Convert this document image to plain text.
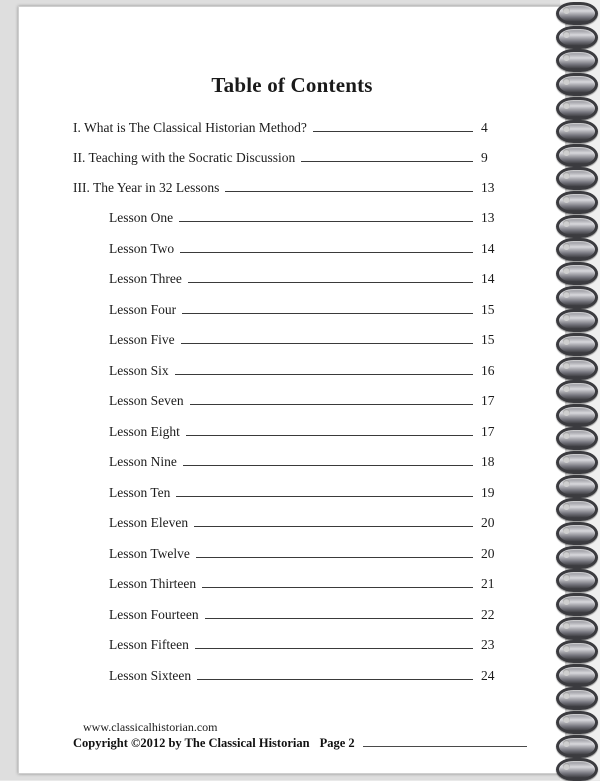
Table of Contents
I. What is The Classical Historian Method?	4
II. Teaching with the Socratic Discussion	9
III. The Year in 32 Lessons	13
Lesson One	13
Lesson Two	14
Lesson Three	14
Lesson Four	15
Lesson Five	15
Lesson Six	16
Lesson Seven	17
Lesson Eight	17
Lesson Nine	18
Lesson Ten	19
Lesson Eleven	20
Lesson Twelve	20
Lesson Thirteen	21
Lesson Fourteen	22
Lesson Fifteen	23
Lesson Sixteen	24
www.classicalhistorian.com
Copyright ©2012 by The Classical Historian Page 2
